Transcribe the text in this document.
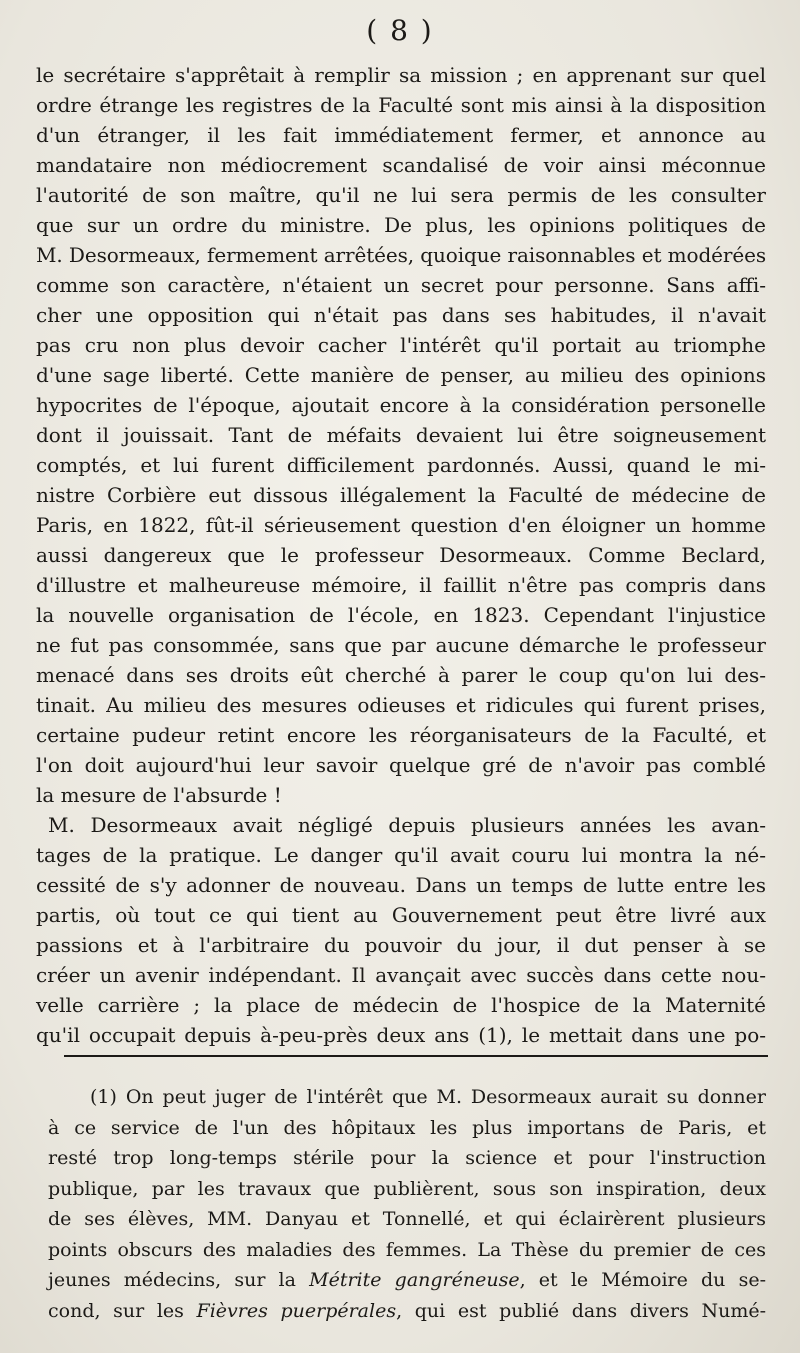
( 8 )
le secrétaire s'apprêtait à remplir sa mission ; en apprenant sur quel
ordre étrange les registres de la Faculté sont mis ainsi à la disposition
d'un étranger, il les fait immédiatement fermer, et annonce au
mandataire non médiocrement scandalisé de voir ainsi méconnue
l'autorité de son maître, qu'il ne lui sera permis de les consulter
que sur un ordre du ministre. De plus, les opinions politiques de
M. Desormeaux, fermement arrêtées, quoique raisonnables et modérées
comme son caractère, n'étaient un secret pour personne. Sans affi-
cher une opposition qui n'était pas dans ses habitudes, il n'avait
pas cru non plus devoir cacher l'intérêt qu'il portait au triomphe
d'une sage liberté. Cette manière de penser, au milieu des opinions
hypocrites de l'époque, ajoutait encore à la considération personelle
dont il jouissait. Tant de méfaits devaient lui être soigneusement
comptés, et lui furent difficilement pardonnés. Aussi, quand le mi-
nistre Corbière eut dissous illégalement la Faculté de médecine de
Paris, en 1822, fût-il sérieusement question d'en éloigner un homme
aussi dangereux que le professeur Desormeaux. Comme Beclard,
d'illustre et malheureuse mémoire, il faillit n'être pas compris dans
la nouvelle organisation de l'école, en 1823. Cependant l'injustice
ne fut pas consommée, sans que par aucune démarche le professeur
menacé dans ses droits eût cherché à parer le coup qu'on lui des-
tinait. Au milieu des mesures odieuses et ridicules qui furent prises,
certaine pudeur retint encore les réorganisateurs de la Faculté, et
l'on doit aujourd'hui leur savoir quelque gré de n'avoir pas comblé
la mesure de l'absurde !
M. Desormeaux avait négligé depuis plusieurs années les avan-
tages de la pratique. Le danger qu'il avait couru lui montra la né-
cessité de s'y adonner de nouveau. Dans un temps de lutte entre les
partis, où tout ce qui tient au Gouvernement peut être livré aux
passions et à l'arbitraire du pouvoir du jour, il dut penser à se
créer un avenir indépendant. Il avançait avec succès dans cette nou-
velle carrière ; la place de médecin de l'hospice de la Maternité
qu'il occupait depuis à-peu-près deux ans (1), le mettait dans une po-
(1) On peut juger de l'intérêt que M. Desormeaux aurait su donner
à ce service de l'un des hôpitaux les plus importans de Paris, et
resté trop long-temps stérile pour la science et pour l'instruction
publique, par les travaux que publièrent, sous son inspiration, deux
de ses élèves, MM. Danyau et Tonnellé, et qui éclairèrent plusieurs
points obscurs des maladies des femmes. La Thèse du premier de ces
jeunes médecins, sur la Métrite gangréneuse, et le Mémoire du se-
cond, sur les Fièvres puerpérales, qui est publié dans divers Numé-
